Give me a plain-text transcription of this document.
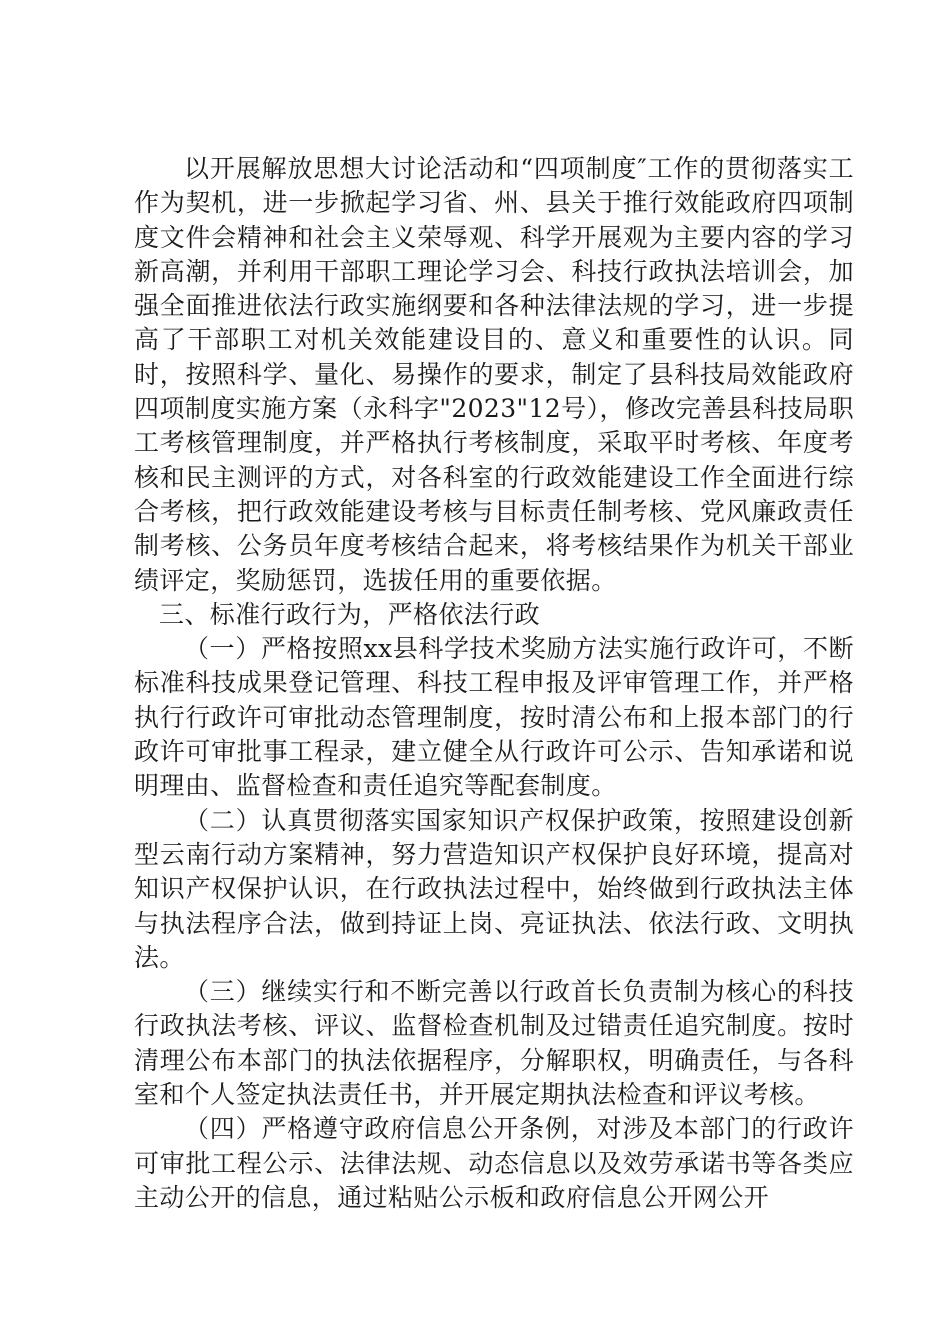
以开展解放思想大讨论活动和“四项制度″工作的贯彻落实工作为契机，进一步掀起学习省、州、县关于推行效能政府四项制度文件会精神和社会主义荣辱观、科学开展观为主要内容的学习新高潮，并利用干部职工理论学习会、科技行政执法培训会，加强全面推进依法行政实施纲要和各种法律法规的学习，进一步提高了干部职工对机关效能建设目的、意义和重要性的认识。同时，按照科学、量化、易操作的要求，制定了县科技局效能政府四项制度实施方案（永科字"2023"12号），修改完善县科技局职工考核管理制度，并严格执行考核制度，采取平时考核、年度考核和民主测评的方式，对各科室的行政效能建设工作全面进行综合考核，把行政效能建设考核与目标责任制考核、党风廉政责任制考核、公务员年度考核结合起来，将考核结果作为机关干部业绩评定，奖励惩罚，选拔任用的重要依据。

三、标准行政行为，严格依法行政

（一）严格按照xx县科学技术奖励方法实施行政许可，不断标准科技成果登记管理、科技工程申报及评审管理工作，并严格执行行政许可审批动态管理制度，按时清公布和上报本部门的行政许可审批事工程录，建立健全从行政许可公示、告知承诺和说明理由、监督检查和责任追究等配套制度。

（二）认真贯彻落实国家知识产权保护政策，按照建设创新型云南行动方案精神，努力营造知识产权保护良好环境，提高对知识产权保护认识，在行政执法过程中，始终做到行政执法主体与执法程序合法，做到持证上岗、亮证执法、依法行政、文明执法。

（三）继续实行和不断完善以行政首长负责制为核心的科技行政执法考核、评议、监督检查机制及过错责任追究制度。按时清理公布本部门的执法依据程序，分解职权，明确责任，与各科室和个人签定执法责任书，并开展定期执法检查和评议考核。

（四）严格遵守政府信息公开条例，对涉及本部门的行政许可审批工程公示、法律法规、动态信息以及效劳承诺书等各类应主动公开的信息，通过粘贴公示板和政府信息公开网公开
